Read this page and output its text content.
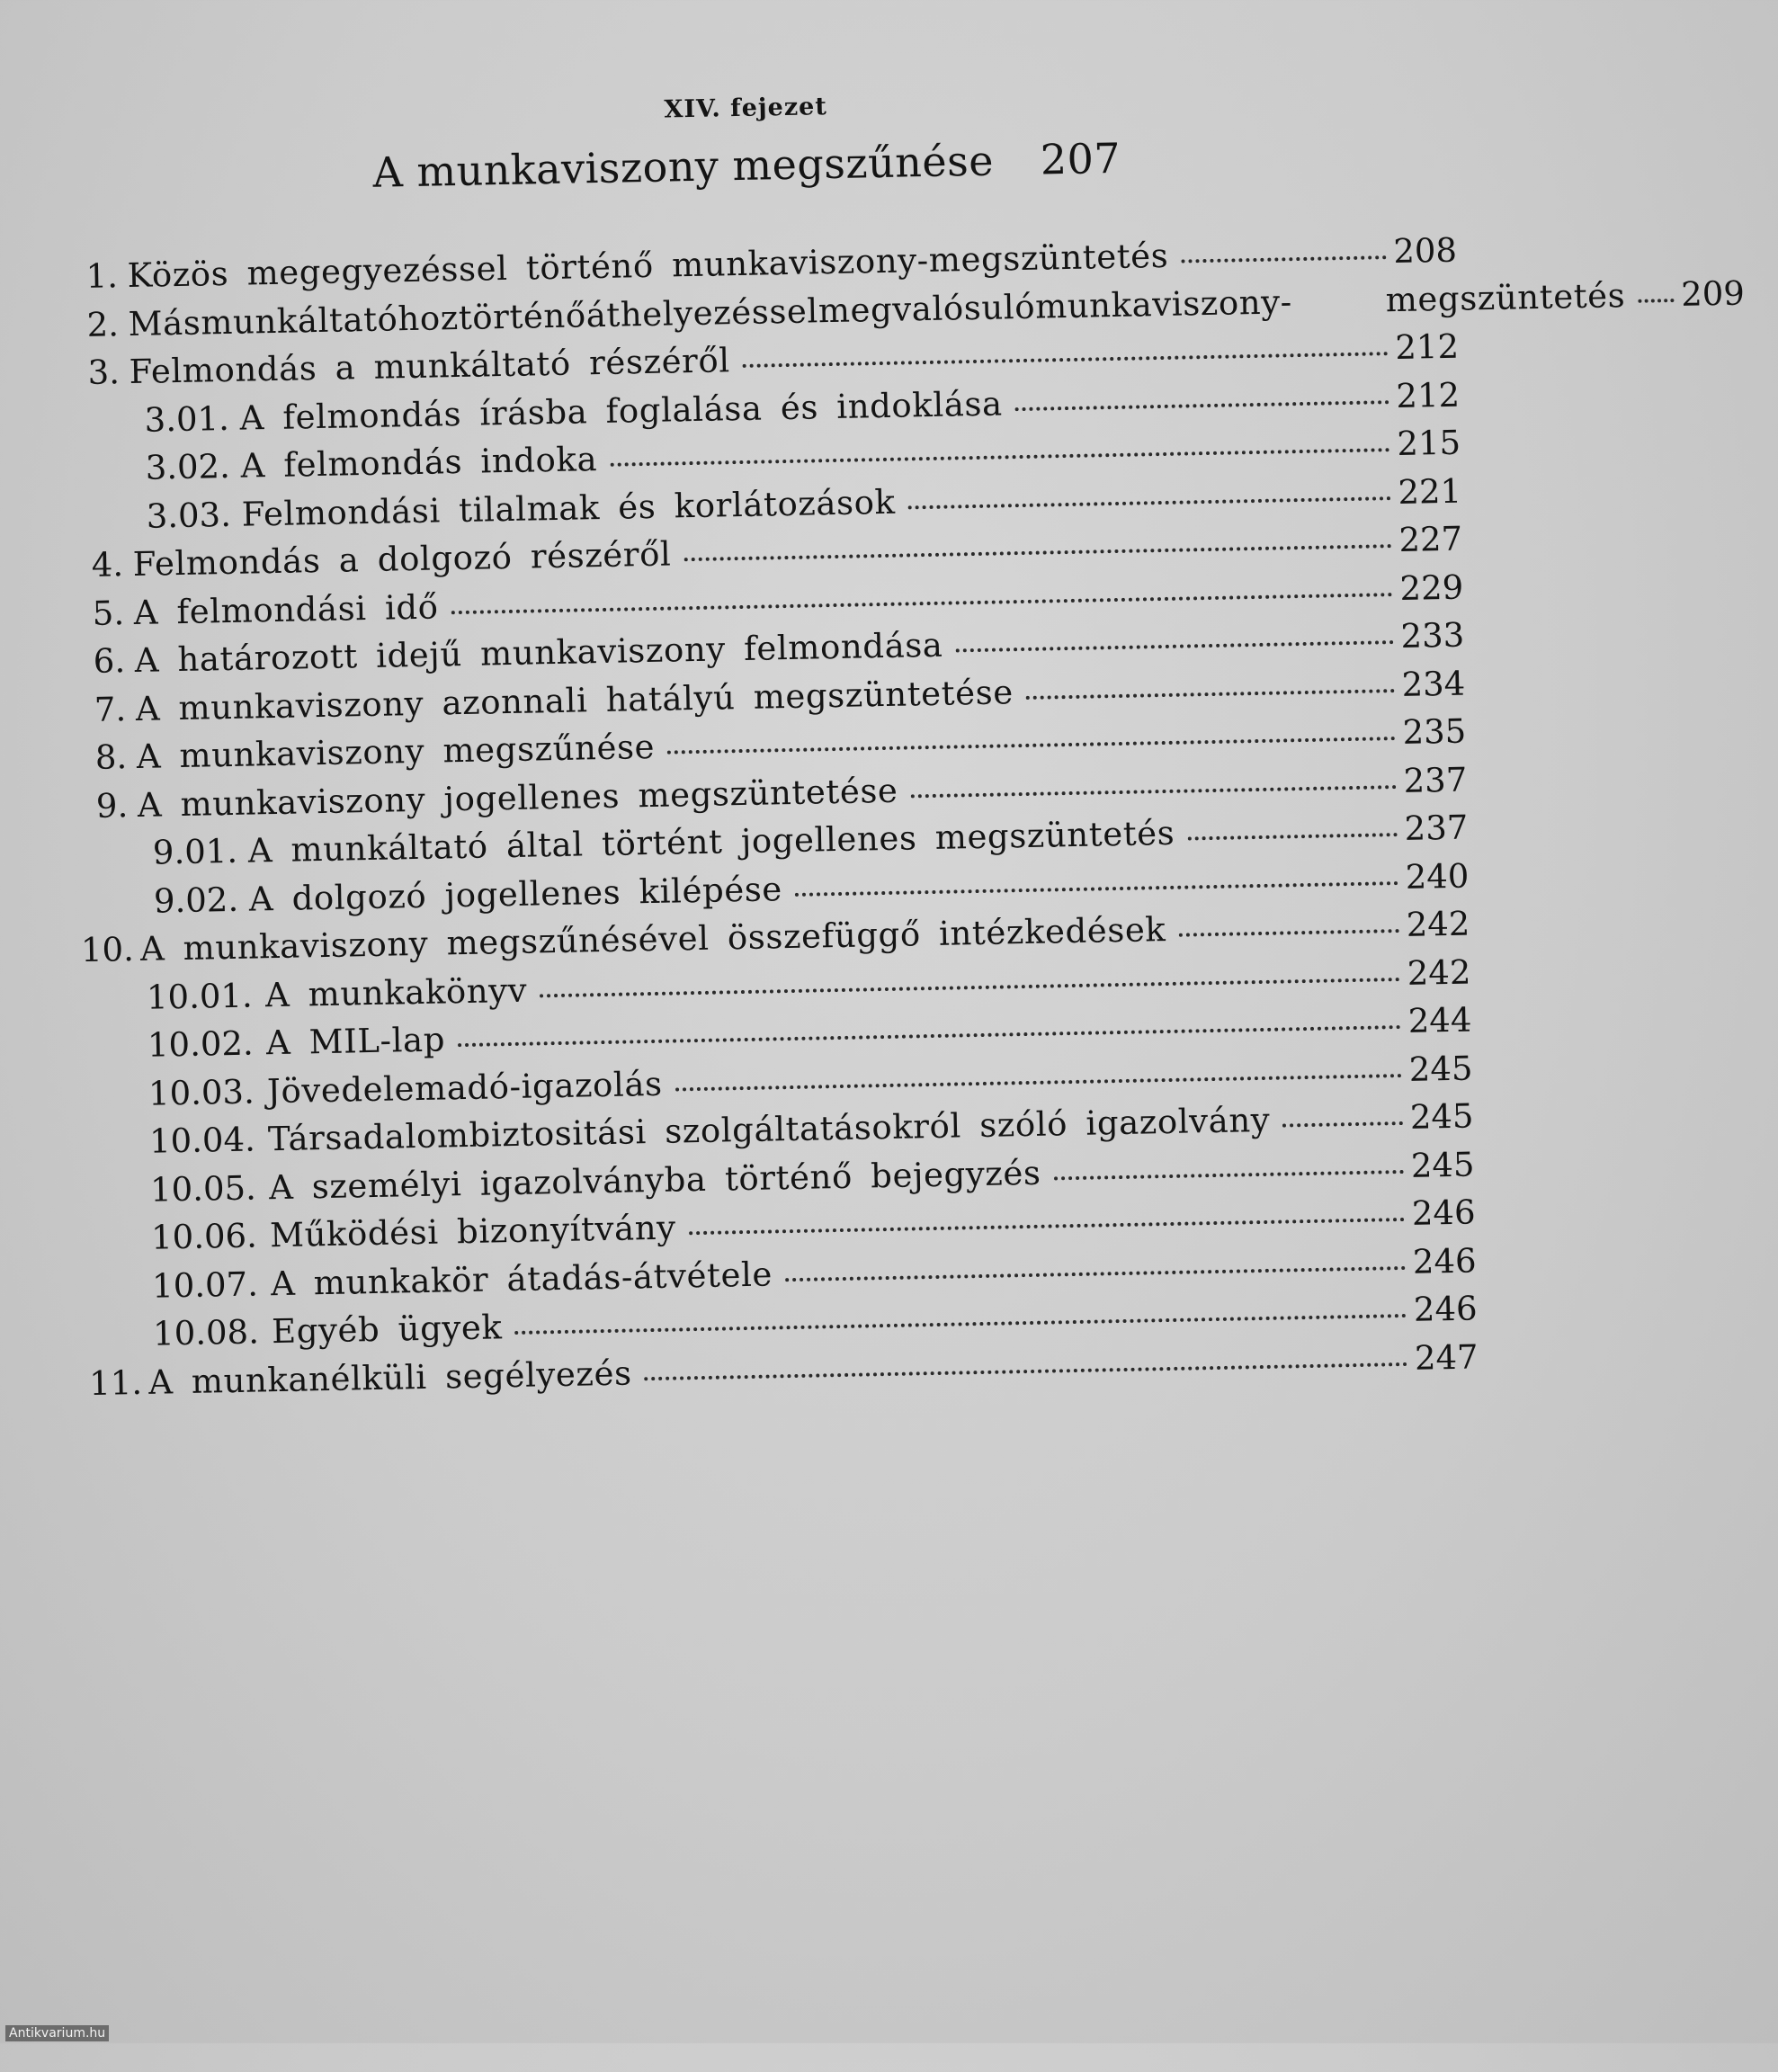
XIV. fejezet
A munkaviszony megszűnése 207
1. Közös megegyezéssel történő munkaviszony-megszüntetés	208
2. Más munkáltatóhoz történő áthelyezéssel megvalósuló munkaviszony-	megszüntetés 209
3. Felmondás a munkáltató részéről	212
3.01. A felmondás írásba foglalása és indoklása	212
3.02. A felmondás indoka	215
3.03. Felmondási tilalmak és korlátozások	221
4. Felmondás a dolgozó részéről	227
5. A felmondási idő	229
6. A határozott idejű munkaviszony felmondása	233
7. A munkaviszony azonnali hatályú megszüntetése	234
8. A munkaviszony megszűnése	235
9. A munkaviszony jogellenes megszüntetése	237
9.01. A munkáltató által történt jogellenes megszüntetés	237
9.02. A dolgozó jogellenes kilépése	240
10. A munkaviszony megszűnésével összefüggő intézkedések	242
10.01. A munkakönyv	242
10.02. A MIL-lap	244
10.03. Jövedelemadó-igazolás	245
10.04. Társadalombiztositási szolgáltatásokról szóló igazolvány	245
10.05. A személyi igazolványba történő bejegyzés	245
10.06. Működési bizonyítvány	246
10.07. A munkakör átadás-átvétele	246
10.08. Egyéb ügyek	246
11. A munkanélküli segélyezés	247
Antikvarium.hu
